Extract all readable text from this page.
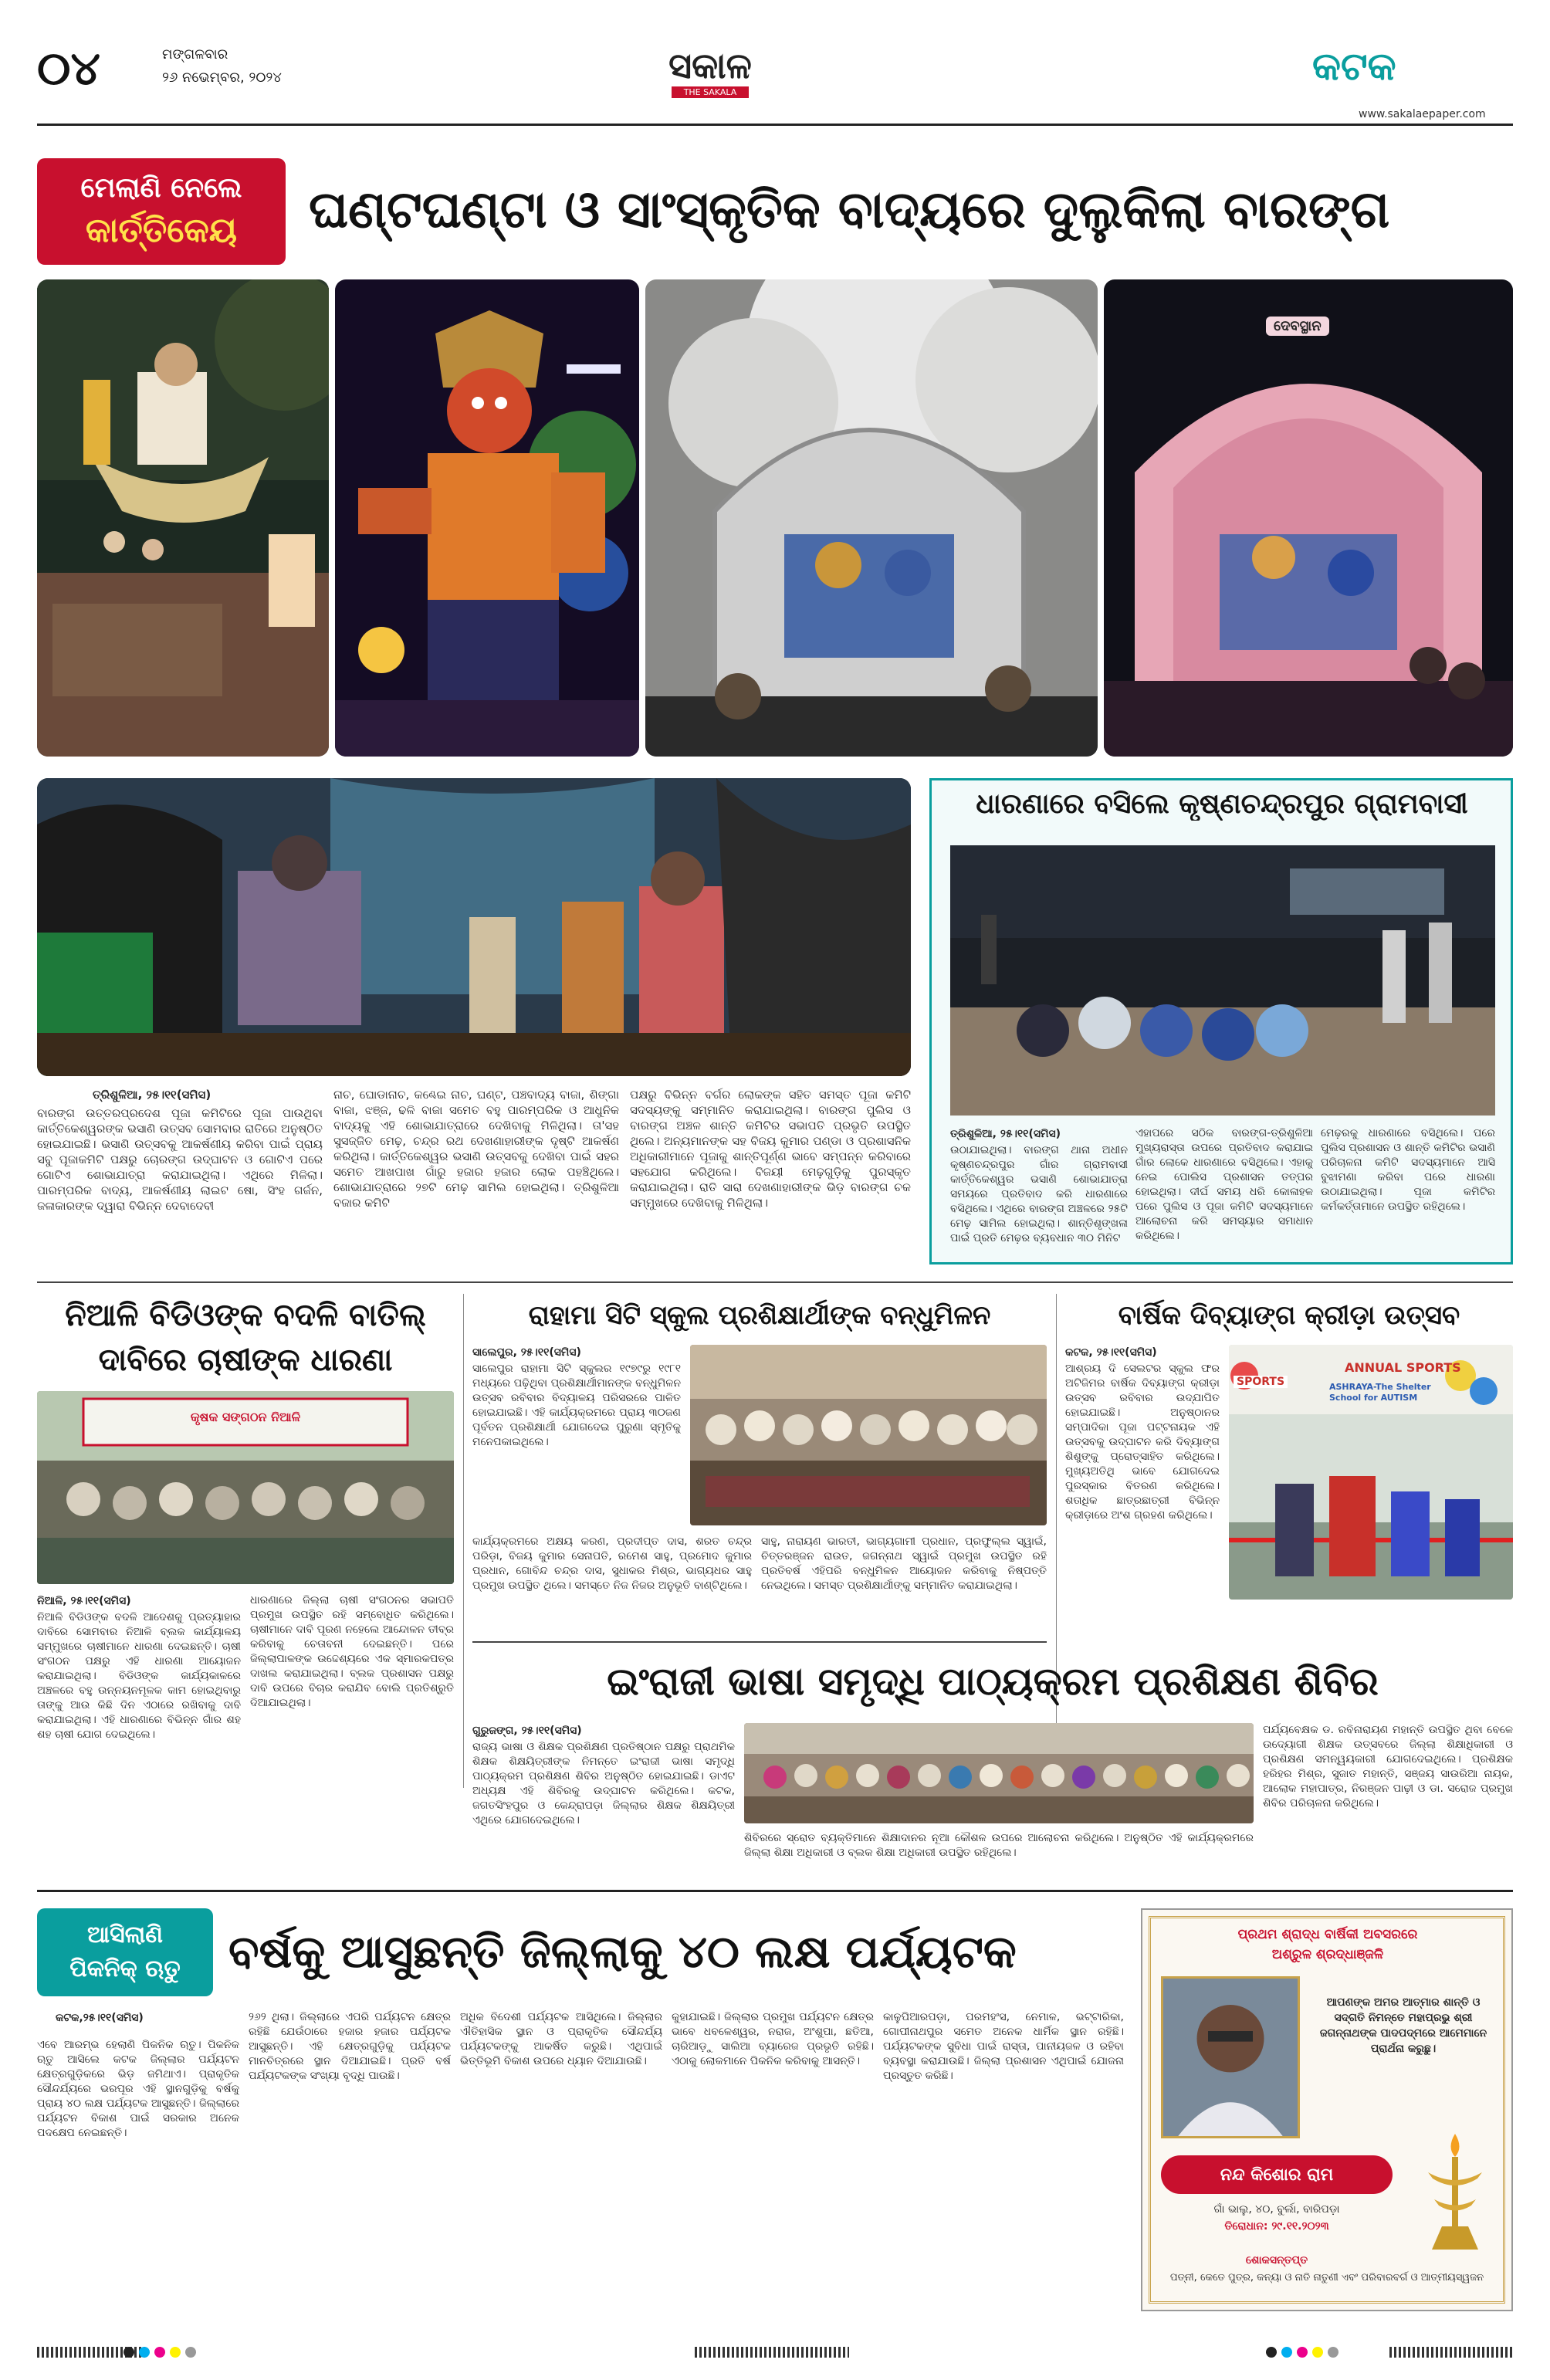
୦୪	ମଙ୍ଗଳବାର
୨୬ ନଭେମ୍ବର, ୨୦୨୪	ସକାଳ
THE SAKALA
କଟକ
www.sakalaepaper.com
ମେଲାଣି ନେଲେ
କାର୍ତ୍ତିକେୟ ଘଣ୍ଟଘଣ୍ଟା ଓ ସାଂସ୍କୃତିକ ବାଦ୍ୟରେ ଦୁଲୁକିଲା ବାରଙ୍ଗ
ଦେବସ୍ଥାନ
ତ୍ରିଶୁଳିଆ, ୨୫।୧୧(ସମିସ)
ବାରଙ୍ଗ ଉତ୍ତରପ୍ରଦେଶ ପୂଜା କମିଟିରେ ପୂଜା ପାଉଥିବା କାର୍ତ୍ତିକେଶ୍ୱରଙ୍କ ଭସାଣି ଉତ୍ସବ ସୋମବାର ରାତିରେ ଅନୁଷ୍ଠିତ ହୋଇଯାଇଛି। ଭସାଣି ଉତ୍ସବକୁ ଆକର୍ଷଣୀୟ କରିବା ପାଇଁ ପ୍ରାୟ ସବୁ ପୂଜାକମିଟି ପକ୍ଷରୁ ଚୋରଙ୍ଗ ଉଦ୍‌ଘାଟନ ଓ ଗୋଟିଏ ପରେ ଗୋଟିଏ ଶୋଭାଯାତ୍ରା କରାଯାଇଥିଲା। ଏଥିରେ ମିଳିଲା। ପାରମ୍ପରିକ ବାଦ୍ୟ, ଆକର୍ଷଣୀୟ ଲାଇଟ ଷୋ, ସିଂହ ଗର୍ଜନ, ଜଳାକାରଙ୍କ ଦ୍ୱାରା ବିଭିନ୍ନ ଦେବାଦେବୀ
ନାଚ, ଘୋଡାନାଚ, କଣ୍ଢେଇ ନାଚ, ଘଣ୍ଟ, ପଞ୍ଚବାଦ୍ୟ ବାଜା, ଶିଙ୍ଗା ବାଜା, ଝଞ୍ଜ, ଢଳି ବାଜା ସମେତ ବହୁ ପାରମ୍ପରିକ ଓ ଆଧୁନିକ ବାଦ୍ୟକୁ ଏହି ଶୋଭାଯାତ୍ରାରେ ଦେଖିବାକୁ ମିଳିଥିଲା। ତା'ସହ ସୁସଜ୍ଜିତ ମେଢ଼, ଚନ୍ଦ୍ର ରଥ ଦେଖଣାହାରୀଙ୍କ ଦୃଷ୍ଟି ଆକର୍ଷଣ କରିଥିଲା। କାର୍ତ୍ତିକେଶ୍ୱର ଭସାଣି ଉତ୍ସବକୁ ଦେଖିବା ପାଇଁ ସହର ସମେତ ଆଖପାଖ ଗାଁରୁ ହଜାର ହଜାର ଲୋକ ପହଞ୍ଚିଥିଲେ। ଶୋଭାଯାତ୍ରାରେ ୨୭ଟି ମେଢ଼ ସାମିଲ ହୋଇଥିଲା। ତ୍ରିଶୁଳିଆ ବଜାର କମିଟି
ପକ୍ଷରୁ ବିଭିନ୍ନ ବର୍ଗର ଲୋକଙ୍କ ସହିତ ସମସ୍ତ ପୂଜା କମିଟି ସଦସ୍ୟଙ୍କୁ ସମ୍ମାନିତ କରାଯାଇଥିଲା। ବାରଙ୍ଗ ପୁଲିସ ଓ ବାରଙ୍ଗ ଅଞ୍ଚଳ ଶାନ୍ତି କମିଟିର ସଭାପତି ପ୍ରଭୃତି ଉପସ୍ଥିତ ଥିଲେ। ଅନ୍ୟମାନଙ୍କ ସହ ବିଜୟ କୁମାର ପଣ୍ଡା ଓ ପ୍ରଶାସନିକ ଅଧିକାରୀମାନେ ପୂଜାକୁ ଶାନ୍ତିପୂର୍ଣ୍ଣ ଭାବେ ସମ୍ପନ୍ନ କରିବାରେ ସହଯୋଗ କରିଥିଲେ। ବିଜୟୀ ମେଢ଼ଗୁଡ଼ିକୁ ପୁରସ୍କୃତ କରାଯାଇଥିଲା। ରାତି ସାରା ଦେଖଣାହାରୀଙ୍କ ଭିଡ଼ ବାରଙ୍ଗ ଚକ ସମ୍ମୁଖରେ ଦେଖିବାକୁ ମିଳିଥିଲା।
ଧାରଣାରେ ବସିଲେ କୃଷ୍ଣଚନ୍ଦ୍ରପୁର ଗ୍ରାମବାସୀ
ତ୍ରିଶୁଳିଆ, ୨୫।୧୧(ସମିସ)
ଉଠାଯାଇଥିଲା। ବାରଙ୍ଗ ଥାନା ଅଧୀନ କୃଷ୍ଣଚନ୍ଦ୍ରପୁର ଗାଁର ଗ୍ରାମବାସୀ କାର୍ତ୍ତିକେଶ୍ୱର ଭସାଣି ଶୋଭାଯାତ୍ରା ସମୟରେ ପ୍ରତିବାଦ କରି ଧାରଣାରେ ବସିଥିଲେ। ଏଥିରେ ବାରଙ୍ଗ ଅଞ୍ଚଳରେ ୨୫ଟି ମେଢ଼ ସାମିଲ ହୋଇଥିଲା। ଶାନ୍ତିଶୃଙ୍ଖଳା ପାଇଁ ପ୍ରତି ମେଢ଼ର ବ୍ୟବଧାନ ୩୦ ମିନିଟ
ଏହାପରେ ସଠିକ ବାରଙ୍ଗ-ତ୍ରିଶୁଳିଆ ମୁଖ୍ୟରାସ୍ତା ଉପରେ ପ୍ରତିବାଦ କରାଯାଇ ଗାଁର ଲୋକେ ଧାରଣାରେ ବସିଥିଲେ। ଏହାକୁ ନେଇ ପୋଲିସ ପ୍ରଶାସନ ତତ୍ପର ହୋଇଥିଲା। ଦୀର୍ଘ ସମୟ ଧରି କୋଳାହଳ ପରେ ପୁଲିସ ଓ ପୂଜା କମିଟି ସଦସ୍ୟମାନେ ଆଲୋଚନା କରି ସମସ୍ୟାର ସମାଧାନ କରିଥିଲେ।
ମେଢ଼ରକୁ ଧାରଣାରେ ବସିଥିଲେ। ପରେ ପୁଲିସ ପ୍ରଶାସନ ଓ ଶାନ୍ତି କମିଟିର ଭସାଣି ପରିଚାଳନା କମିଟି ସଦସ୍ୟମାନେ ଆସି ବୁଝାମଣା କରିବା ପରେ ଧାରଣା ଉଠାଯାଇଥିଲା। ପୂଜା କମିଟିର କର୍ମକର୍ତ୍ତାମାନେ ଉପସ୍ଥିତ ରହିଥିଲେ।
ନିଆଳି ବିଡିଓଙ୍କ ବଦଳି ବାତିଲ୍
ଦାବିରେ ଚାଷୀଙ୍କ ଧାରଣା
କୃଷକ ସଙ୍ଗଠନ ନିଆଳି
ନିଆଳି, ୨୫।୧୧(ସମିସ)
ନିଆଳି ବିଡିଓଙ୍କ ବଦଳି ଆଦେଶକୁ ପ୍ରତ୍ୟାହାର ଦାବିରେ ସୋମବାର ନିଆଳି ବ୍ଲକ କାର୍ଯ୍ୟାଳୟ ସମ୍ମୁଖରେ ଚାଷୀମାନେ ଧାରଣା ଦେଇଛନ୍ତି। ଚାଷୀ ସଂଗଠନ ପକ୍ଷରୁ ଏହି ଧାରଣା ଆୟୋଜନ କରାଯାଇଥିଲା। ବିଡିଓଙ୍କ କାର୍ଯ୍ୟକାଳରେ ଅଞ୍ଚଳରେ ବହୁ ଉନ୍ନୟନମୂଳକ କାମ ହୋଇଥିବାରୁ ତାଙ୍କୁ ଆଉ କିଛି ଦିନ ଏଠାରେ ରଖିବାକୁ ଦାବି କରାଯାଇଥିଲା। ଏହି ଧାରଣାରେ ବିଭିନ୍ନ ଗାଁର ଶହ ଶହ ଚାଷୀ ଯୋଗ ଦେଇଥିଲେ।
ଧାରଣାରେ ଜିଲ୍ଲା ଚାଷୀ ସଂଗଠନର ସଭାପତି ପ୍ରମୁଖ ଉପସ୍ଥିତ ରହି ସମ୍ବୋଧିତ କରିଥିଲେ। ଚାଷୀମାନେ ଦାବି ପୂରଣ ନହେଲେ ଆନ୍ଦୋଳନ ତୀବ୍ର କରିବାକୁ ଚେତାବନୀ ଦେଇଛନ୍ତି। ପରେ ଜିଲ୍ଲାପାଳଙ୍କ ଉଦ୍ଦେଶ୍ୟରେ ଏକ ସ୍ମାରକପତ୍ର ଦାଖଲ କରାଯାଇଥିଲା। ବ୍ଲକ ପ୍ରଶାସନ ପକ୍ଷରୁ ଦାବି ଉପରେ ବିଚାର କରାଯିବ ବୋଲି ପ୍ରତିଶ୍ରୁତି ଦିଆଯାଇଥିଲା।
ରାହାମା ସିଟି ସ୍କୁଲ ପ୍ରଶିକ୍ଷାର୍ଥୀଙ୍କ ବନ୍ଧୁମିଳନ
ସାଲେପୁର, ୨୫।୧୧(ସମିସ)
ସାଲେପୁର ରାହାମା ସିଟି ସ୍କୁଲର ୧୯୭୯ରୁ ୧୯୮୧ ମଧ୍ୟରେ ପଢ଼ିଥିବା ପ୍ରଶିକ୍ଷାର୍ଥୀମାନଙ୍କ ବନ୍ଧୁମିଳନ ଉତ୍ସବ ରବିବାର ବିଦ୍ୟାଳୟ ପରିସରରେ ପାଳିତ ହୋଇଯାଇଛି। ଏହି କାର୍ଯ୍ୟକ୍ରମରେ ପ୍ରାୟ ୩୦ଜଣ ପୂର୍ବତନ ପ୍ରଶିକ୍ଷାର୍ଥୀ ଯୋଗଦେଇ ପୁରୁଣା ସ୍ମୃତିକୁ ମନେପକାଇଥିଲେ।
କାର୍ଯ୍ୟକ୍ରମରେ ଅକ୍ଷୟ କରଣ, ପ୍ରଦୀପ୍ତ ଦାସ, ଶରତ ଚନ୍ଦ୍ର ପରିଡ଼ା, ବିଜୟ କୁମାର ସେନାପତି, ରମେଶ ସାହୁ, ପ୍ରମୋଦ କୁମାର ପ୍ରଧାନ, ଗୋବିନ୍ଦ ଚନ୍ଦ୍ର ଦାସ, ସୁଧାକର ମିଶ୍ର, ଭାଗ୍ୟଧର ସାହୁ ପ୍ରମୁଖ ଉପସ୍ଥିତ ଥିଲେ। ସମସ୍ତେ ନିଜ ନିଜର ଅନୁଭୂତି ବାଣ୍ଟିଥିଲେ।
ସାହୁ, ନାରାୟଣ ଭାରତୀ, ଭାଗ୍ୟଗାମୀ ପ୍ରଧାନ, ପ୍ରଫୁଲ୍ଲ ସ୍ୱାଇଁ, ଚିତ୍ତରଞ୍ଜନ ରାଉତ, ଜଗନ୍ନାଥ ସ୍ୱାଇଁ ପ୍ରମୁଖ ଉପସ୍ଥିତ ରହି ପ୍ରତିବର୍ଷ ଏହିପରି ବନ୍ଧୁମିଳନ ଆୟୋଜନ କରିବାକୁ ନିଷ୍ପତ୍ତି ନେଇଥିଲେ। ସମସ୍ତ ପ୍ରଶିକ୍ଷାର୍ଥୀଙ୍କୁ ସମ୍ମାନିତ କରାଯାଇଥିଲା।
ବାର୍ଷିକ ଦିବ୍ୟାଙ୍ଗ କ୍ରୀଡ଼ା ଉତ୍ସବ
କଟକ, ୨୫।୧୧(ସମିସ)
ଆଶ୍ରୟ ଦି ସେଲଟର ସ୍କୁଲ ଫର ଅଟିଜିମର ବାର୍ଷିକ ଦିବ୍ୟାଙ୍ଗ କ୍ରୀଡ଼ା ଉତ୍ସବ ରବିବାର ଉଦ୍‌ଯାପିତ ହୋଇଯାଇଛି। ଅନୁଷ୍ଠାନର ସମ୍ପାଦିକା ପୂଜା ପଟ୍ଟନାୟକ ଏହି ଉତ୍ସବକୁ ଉଦ୍‌ଘାଟନ କରି ଦିବ୍ୟାଙ୍ଗ ଶିଶୁଙ୍କୁ ପ୍ରୋତ୍ସାହିତ କରିଥିଲେ। ମୁଖ୍ୟଅତିଥି ଭାବେ ଯୋଗଦେଇ ପୁରସ୍କାର ବିତରଣ କରିଥିଲେ। ଶତାଧିକ ଛାତ୍ରଛାତ୍ରୀ ବିଭିନ୍ନ କ୍ରୀଡ଼ାରେ ଅଂଶ ଗ୍ରହଣ କରିଥିଲେ।
SPORTS
ANNUAL SPORTS
ASHRAYA-The Shelter School for AUTISM
ଇଂରାଜୀ ଭାଷା ସମୃଦ୍ଧି ପାଠ୍ୟକ୍ରମ ପ୍ରଶିକ୍ଷଣ ଶିବିର
ଗୁରୁଜଙ୍ଗ, ୨୫।୧୧(ସମିସ)
ରାଜ୍ୟ ଭାଷା ଓ ଶିକ୍ଷକ ପ୍ରଶିକ୍ଷଣ ପ୍ରତିଷ୍ଠାନ ପକ୍ଷରୁ ପ୍ରାଥମିକ ଶିକ୍ଷକ ଶିକ୍ଷୟିତ୍ରୀଙ୍କ ନିମନ୍ତେ ଇଂରାଜୀ ଭାଷା ସମୃଦ୍ଧି ପାଠ୍ୟକ୍ରମ ପ୍ରଶିକ୍ଷଣ ଶିବିର ଅନୁଷ୍ଠିତ ହୋଇଯାଇଛି। ଡାଏଟ ଅଧ୍ୟକ୍ଷ ଏହି ଶିବିରକୁ ଉଦ୍‌ଘାଟନ କରିଥିଲେ। କଟକ, ଜଗତସିଂହପୁର ଓ କେନ୍ଦ୍ରାପଡ଼ା ଜିଲ୍ଲାର ଶିକ୍ଷକ ଶିକ୍ଷୟିତ୍ରୀ ଏଥିରେ ଯୋଗଦେଇଥିଲେ।
ଶିବିରରେ ସ୍ରୋତ ବ୍ୟକ୍ତିମାନେ ଶିକ୍ଷାଦାନର ନୂଆ କୌଶଳ ଉପରେ ଆଲୋଚନା କରିଥିଲେ। ଅନୁଷ୍ଠିତ ଏହି କାର୍ଯ୍ୟକ୍ରମରେ ଜିଲ୍ଲା ଶିକ୍ଷା ଅଧିକାରୀ ଓ ବ୍ଲକ ଶିକ୍ଷା ଅଧିକାରୀ ଉପସ୍ଥିତ ରହିଥିଲେ।
ପର୍ଯ୍ୟବେକ୍ଷକ ଡ. ରବିନାରାୟଣ ମହାନ୍ତି ଉପସ୍ଥିତ ଥିବା ବେଳେ ଉଦ୍ୟୋଗୀ ଶିକ୍ଷକ ଉତ୍ସବରେ ଜିଲ୍ଲା ଶିକ୍ଷାଧିକାରୀ ଓ ପ୍ରଶିକ୍ଷଣ ସମନ୍ୱୟକାରୀ ଯୋଗଦେଇଥିଲେ। ପ୍ରଶିକ୍ଷକ ହରିହର ମିଶ୍ର, ସୁଜାତ ମହାନ୍ତି, ସଞ୍ଜୟ ସାଉରିଆ ନାୟକ, ଆଲୋକ ମହାପାତ୍ର, ନିରଞ୍ଜନ ପାଢ଼ୀ ଓ ଡା. ସରୋଜ ପ୍ରମୁଖ ଶିବିର ପରିଚାଳନା କରିଥିଲେ।
ଆସିଲାଣି
ପିକନିକ୍ ଋତୁ ବର୍ଷକୁ ଆସୁଛନ୍ତି ଜିଲ୍ଲାକୁ ୪୦ ଲକ୍ଷ ପର୍ଯ୍ୟଟକ
କଟକ,୨୫।୧୧(ସମିସ)
ଏବେ ଆରମ୍ଭ ହେଲାଣି ପିକନିକ ଋତୁ। ପିକନିକ ଋତୁ ଆସିଲେ କଟକ ଜିଲ୍ଲାର ପର୍ଯ୍ୟଟନ କ୍ଷେତ୍ରଗୁଡ଼ିକରେ ଭିଡ଼ ଜମିଥାଏ। ପ୍ରାକୃତିକ ସୌନ୍ଦର୍ଯ୍ୟରେ ଭରପୂର ଏହି ସ୍ଥାନଗୁଡ଼ିକୁ ବର୍ଷକୁ ପ୍ରାୟ ୪୦ ଲକ୍ଷ ପର୍ଯ୍ୟଟକ ଆସୁଛନ୍ତି। ଜିଲ୍ଲାରେ ପର୍ଯ୍ୟଟନ ବିକାଶ ପାଇଁ ସରକାର ଅନେକ ପଦକ୍ଷେପ ନେଇଛନ୍ତି।
୨୬୨ ଥିଲା। ଜିଲ୍ଲାରେ ଏପରି ପର୍ଯ୍ୟଟନ କ୍ଷେତ୍ର ରହିଛି ଯେଉଁଠାରେ ହଜାର ହଜାର ପର୍ଯ୍ୟଟକ ଆସୁଛନ୍ତି। ଏହି କ୍ଷେତ୍ରଗୁଡ଼ିକୁ ପର୍ଯ୍ୟଟକ ମାନଚିତ୍ରରେ ସ୍ଥାନ ଦିଆଯାଇଛି। ପ୍ରତି ବର୍ଷ ପର୍ଯ୍ୟଟକଙ୍କ ସଂଖ୍ୟା ବୃଦ୍ଧି ପାଉଛି।
ଅଧିକ ବିଦେଶୀ ପର୍ଯ୍ୟଟକ ଆସିଥିଲେ। ଜିଲ୍ଲାର ଐତିହାସିକ ସ୍ଥାନ ଓ ପ୍ରାକୃତିକ ସୌନ୍ଦର୍ଯ୍ୟ ପର୍ଯ୍ୟଟକଙ୍କୁ ଆକର୍ଷିତ କରୁଛି। ଏଥିପାଇଁ ଭିତ୍ତିଭୂମି ବିକାଶ ଉପରେ ଧ୍ୟାନ ଦିଆଯାଉଛି।
କୁହାଯାଇଛି। ଜିଲ୍ଲାର ପ୍ରମୁଖ ପର୍ଯ୍ୟଟନ କ୍ଷେତ୍ର ଭାବେ ଧବଳେଶ୍ୱର, ନରାଜ, ଅଂଶୁପା, ଛତିଆ, ଚାରିଆଡ଼ୁ ସାଲିଆ ବ୍ୟାରେଜ ପ୍ରଭୃତି ରହିଛି। ଏଠାକୁ ଲୋକମାନେ ପିକନିକ କରିବାକୁ ଆସନ୍ତି।
କାଳୁପିଆରପଡ଼ା, ପରମହଂସ, ନେମାଳ, ଭଟ୍ଟାରିକା, ଗୋପୀନାଥପୁର ସମେତ ଅନେକ ଧାର୍ମିକ ସ୍ଥାନ ରହିଛି। ପର୍ଯ୍ୟଟକଙ୍କ ସୁବିଧା ପାଇଁ ରାସ୍ତା, ପାନୀୟଜଳ ଓ ରହିବା ବ୍ୟବସ୍ଥା କରାଯାଉଛି। ଜିଲ୍ଲା ପ୍ରଶାସନ ଏଥିପାଇଁ ଯୋଜନା ପ୍ରସ୍ତୁତ କରିଛି।
ପ୍ରଥମ ଶ୍ରାଦ୍ଧ ବାର୍ଷିକୀ ଅବସରରେ
ଅଶ୍ରୁଳ ଶ୍ରଦ୍ଧାଞ୍ଜଳି
ଆପଣଙ୍କ ଅମର ଆତ୍ମାର ଶାନ୍ତି ଓ ସଦ୍‌ଗତି ନିମନ୍ତେ ମହାପ୍ରଭୁ ଶ୍ରୀ ଜଗନ୍ନାଥଙ୍କ ପାଦପଦ୍ମରେ ଆମେମାନେ ପ୍ରାର୍ଥନା କରୁଛୁ।
ନନ୍ଦ କିଶୋର ରାମ
ଗାଁ ଭାଲୁ, ୪୦, ବୁର୍ଲା, ବାରିପଡ଼ା
ତିରୋଧାନ: ୨୯.୧୧.୨୦୨୩
ଶୋକସନ୍ତପ୍ତ
ପତ୍ନୀ, କେତେ ପୁତ୍ର, କନ୍ୟା ଓ ନାତି ନାତୁଣୀ ଏବଂ ପରିବାରବର୍ଗ ଓ ଆତ୍ମୀୟସ୍ୱଜନ
